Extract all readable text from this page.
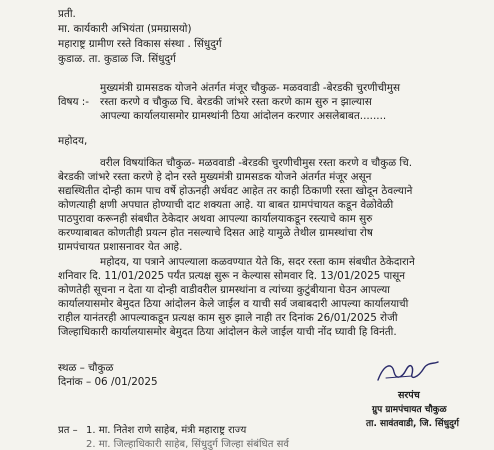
प्रती.
मा. कार्यकारी अभियंता (प्रमग्रासयो)
महाराष्ट्र ग्रामीण रस्ते विकास संस्था . सिंधुदुर्ग
कुडाळ. ता. कुडाळ जि. सिंधुदुर्ग
विषय :-
मुख्यमंत्री ग्रामसडक योजने अंतर्गत मंजूर चौकुळ- मळववाडी -बेरडकी चुरणीचीमुस
रस्ता करणे व चौकुळ चि. बेरडकी जांभरे रस्ता करणे काम सुरु न झाल्यास
आपल्या कार्यालयासमोर ग्रामस्थांनी ठिया आंदोलन करणार असलेबाबत........
महोदय,
वरील विषयांकित चौकुळ- मळववाडी -बेरडकी चुरणीचीमुस रस्ता करणे व चौकुळ चि.
बेरडकी जांभरे रस्ता करणे हे दोन रस्ते मुख्यमंत्री ग्रामसडक योजने अंतर्गत मंजूर असून
सद्यस्थितीत दोन्ही काम पाच वर्षे होऊनही अर्धवट आहेत तर काही ठिकाणी रस्ता खोदून ठेवल्याने
कोणत्याही क्षणी अपघात होण्याची दाट शक्यता आहे. या बाबत ग्रामपंचायत कडून वेळोवेळी
पाठपुरावा करूनही संबधीत ठेकेदार अथवा आपल्या कार्यालयाकडून रस्त्याचे काम सुरु
करण्याबाबत कोणतीही प्रयत्न होत नसल्याचे दिसत आहे यामुळे तेथील ग्रामस्थांचा रोष
ग्रामपंचायत प्रशासनावर येत आहे.
महोदय, या पत्राने आपल्याला कळवण्यात येते कि, सदर रस्ता काम संबधीत ठेकेदाराने
शनिवार दि. 11/01/2025 पर्यंत प्रत्यक्ष सुरू न केल्यास सोमवार दि. 13/01/2025 पासून
कोणतेही सूचना न देता या दोन्ही वाडीवरील ग्रामस्थांना व त्यांच्या कुटुंबीयाना घेउन आपल्या
कार्यालयासमोर बेमुदत ठिया आंदोलन केले जाईल व याची सर्व जबाबदारी आपल्या कार्यालयाची
राहील यानंतरही आपल्याकडून प्रत्यक्ष काम सुरु झाले नाही तर दिनांक 26/01/2025 रोजी
जिल्हाधिकारी कार्यालयासमोर बेमुदत ठिया आंदोलन केले जाईल याची नोंद घ्यावी हि विनंती.
स्थळ – चौकुळ
दिनांक – 06 /01/2025
सरपंच
ग्रुप ग्रामपंचायत चौकुळ
ता. सावंतवाडी, जि. सिंधुदुर्ग
प्रत – 1. मा. नितेश राणे साहेब, मंत्री महाराष्ट्र राज्य
2. मा. जिल्हाधिकारी साहेब, सिंधुदुर्ग जिल्हा संबंधित सर्व
